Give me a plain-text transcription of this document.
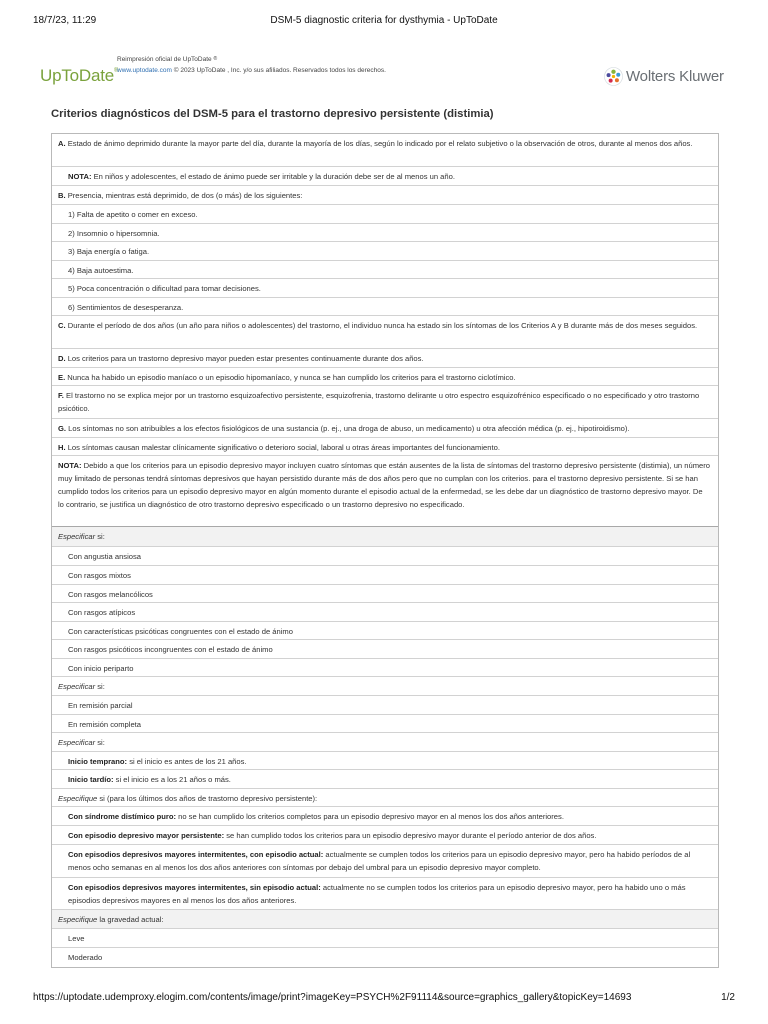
18/7/23, 11:29	DSM-5 diagnostic criteria for dysthymia - UpToDate
UpToDate®
Reimpresión oficial de UpToDate ®
www.uptodate.com © 2023 UpToDate , Inc. y/o sus afiliados. Reservados todos los derechos.	Wolters Kluwer
Criterios diagnósticos del DSM-5 para el trastorno depresivo persistente (distimia)
A. Estado de ánimo deprimido durante la mayor parte del día, durante la mayoría de los días, según lo indicado por el relato subjetivo o la observación de otros, durante al menos dos años.
NOTA: En niños y adolescentes, el estado de ánimo puede ser irritable y la duración debe ser de al menos un año.
B. Presencia, mientras está deprimido, de dos (o más) de los siguientes:
1) Falta de apetito o comer en exceso.
2) Insomnio o hipersomnia.
3) Baja energía o fatiga.
4) Baja autoestima.
5) Poca concentración o dificultad para tomar decisiones.
6) Sentimientos de desesperanza.
C. Durante el período de dos años (un año para niños o adolescentes) del trastorno, el individuo nunca ha estado sin los síntomas de los Criterios A y B durante más de dos meses seguidos.
D. Los criterios para un trastorno depresivo mayor pueden estar presentes continuamente durante dos años.
E. Nunca ha habido un episodio maníaco o un episodio hipomaníaco, y nunca se han cumplido los criterios para el trastorno ciclotímico.
F. El trastorno no se explica mejor por un trastorno esquizoafectivo persistente, esquizofrenia, trastorno delirante u otro espectro esquizofrénico especificado o no especificado y otro trastorno psicótico.
G. Los síntomas no son atribuibles a los efectos fisiológicos de una sustancia (p. ej., una droga de abuso, un medicamento) u otra afección médica (p. ej., hipotiroidismo).
H. Los síntomas causan malestar clínicamente significativo o deterioro social, laboral u otras áreas importantes del funcionamiento.
NOTA: Debido a que los criterios para un episodio depresivo mayor incluyen cuatro síntomas que están ausentes de la lista de síntomas del trastorno depresivo persistente (distimia), un número muy limitado de personas tendrá síntomas depresivos que hayan persistido durante más de dos años pero que no cumplan con los criterios. para el trastorno depresivo persistente. Si se han cumplido todos los criterios para un episodio depresivo mayor en algún momento durante el episodio actual de la enfermedad, se les debe dar un diagnóstico de trastorno depresivo mayor. De lo contrario, se justifica un diagnóstico de otro trastorno depresivo especificado o un trastorno depresivo no especificado.
Especificar si:
Con angustia ansiosa
Con rasgos mixtos
Con rasgos melancólicos
Con rasgos atípicos
Con características psicóticas congruentes con el estado de ánimo
Con rasgos psicóticos incongruentes con el estado de ánimo
Con inicio periparto
Especificar si:
En remisión parcial
En remisión completa
Especificar si:
Inicio temprano: si el inicio es antes de los 21 años.
Inicio tardío: si el inicio es a los 21 años o más.
Especifique si (para los últimos dos años de trastorno depresivo persistente):
Con síndrome distímico puro: no se han cumplido los criterios completos para un episodio depresivo mayor en al menos los dos años anteriores.
Con episodio depresivo mayor persistente: se han cumplido todos los criterios para un episodio depresivo mayor durante el período anterior de dos años.
Con episodios depresivos mayores intermitentes, con episodio actual: actualmente se cumplen todos los criterios para un episodio depresivo mayor, pero ha habido períodos de al menos ocho semanas en al menos los dos años anteriores con síntomas por debajo del umbral para un episodio depresivo mayor completo.
Con episodios depresivos mayores intermitentes, sin episodio actual: actualmente no se cumplen todos los criterios para un episodio depresivo mayor, pero ha habido uno o más episodios depresivos mayores en al menos los dos años anteriores.
Especifique la gravedad actual:
Leve
Moderado
https://uptodate.udemproxy.elogim.com/contents/image/print?imageKey=PSYCH%2F91114&source=graphics_gallery&topicKey=14693	1/2
